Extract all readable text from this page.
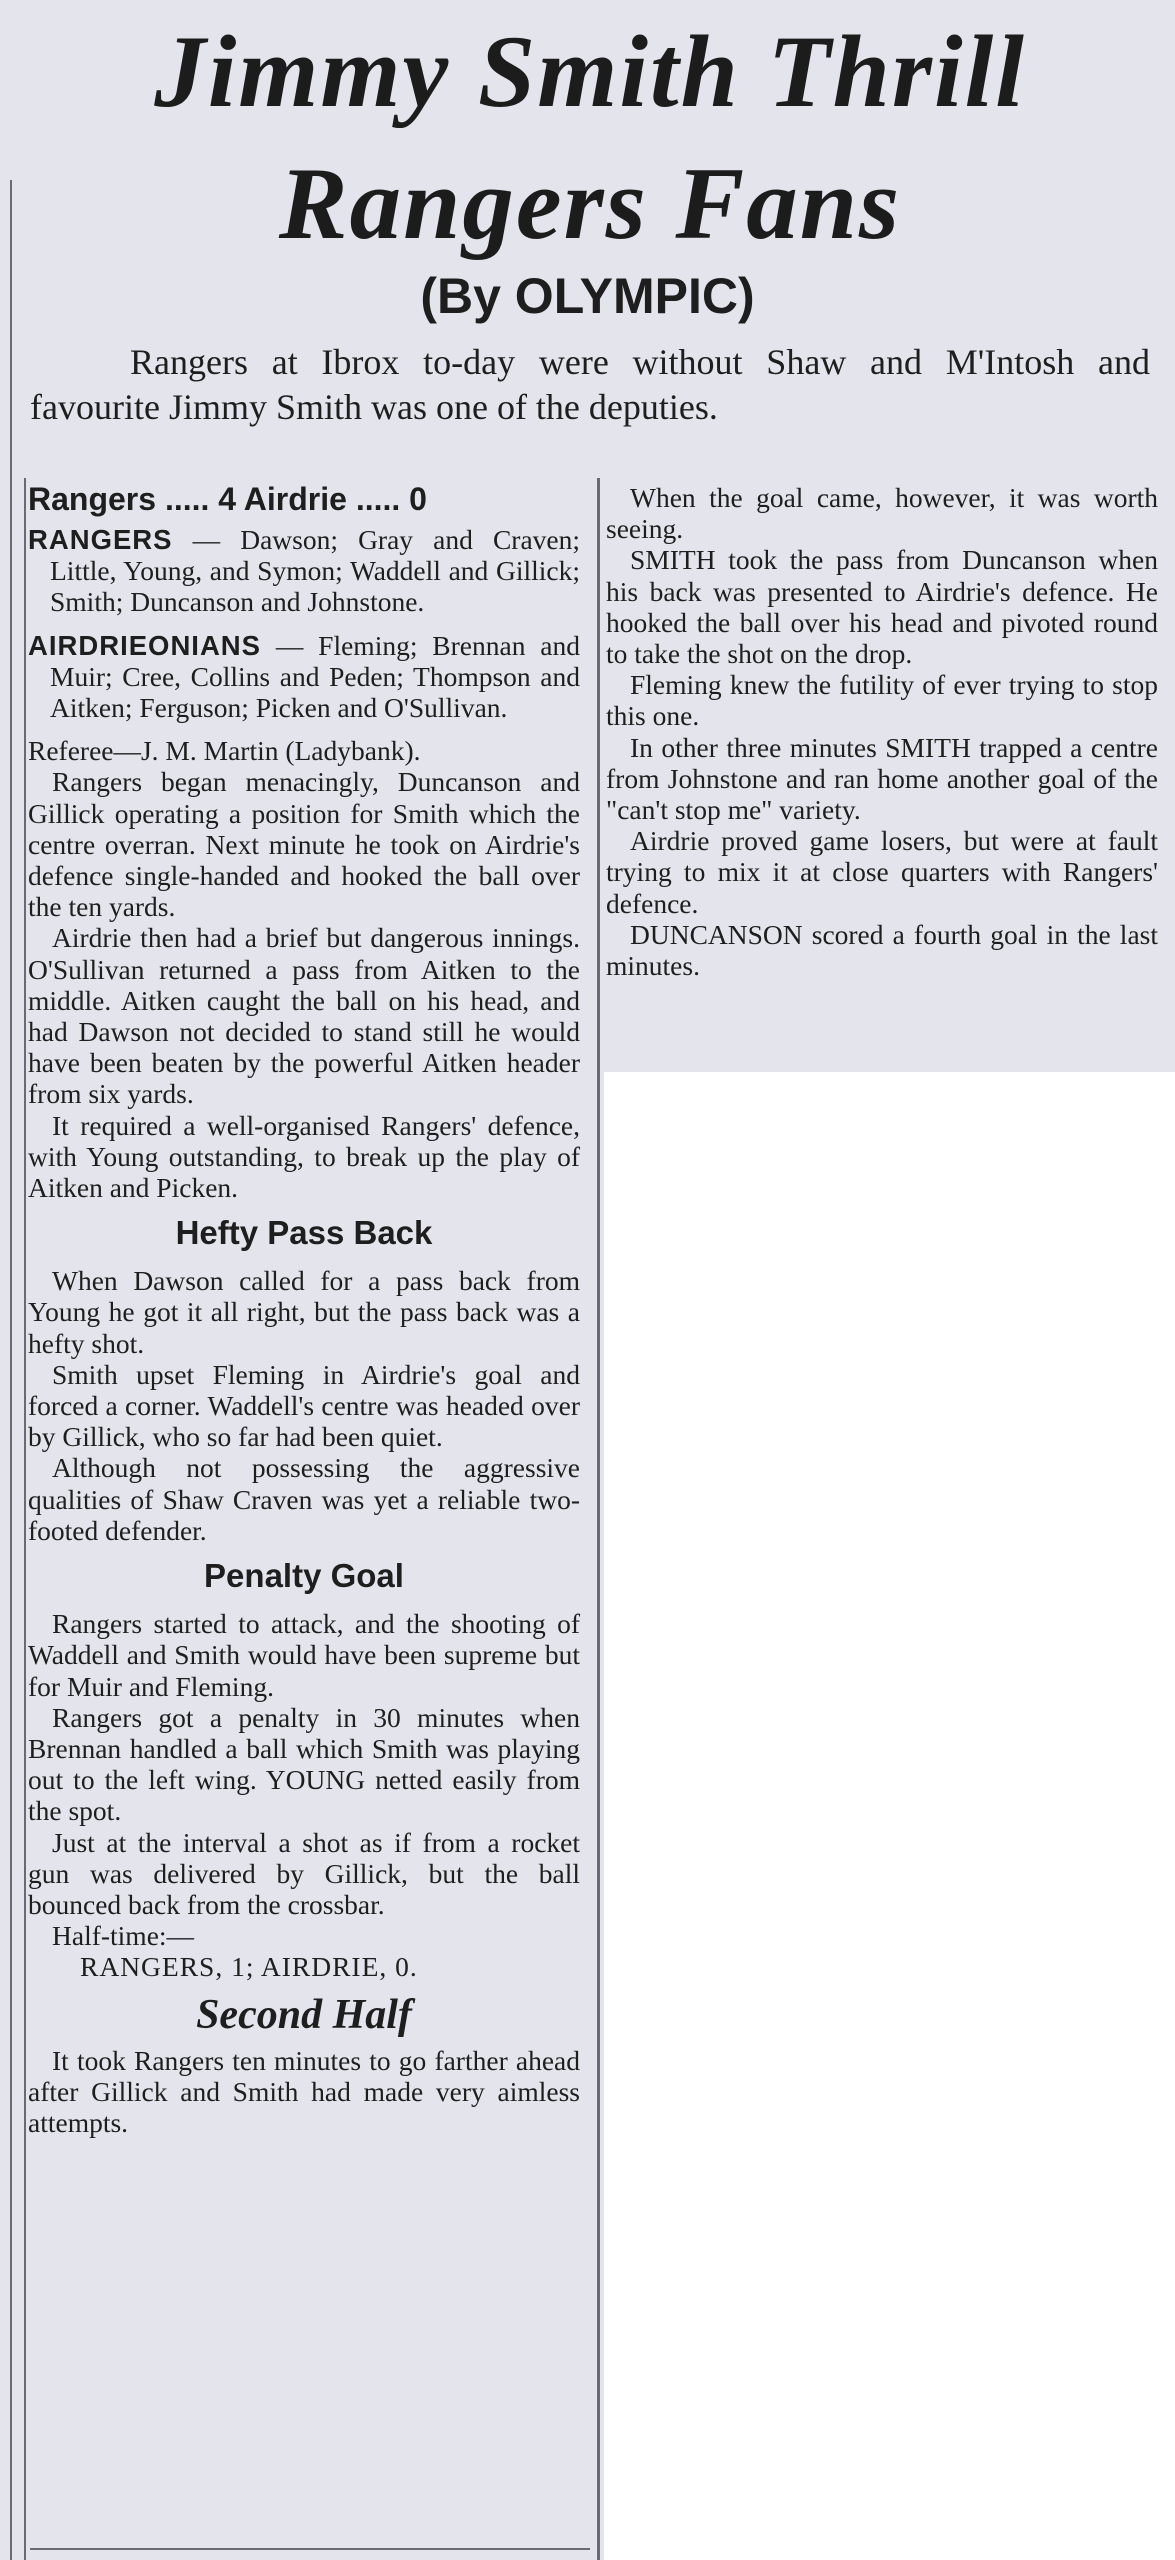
Jimmy Smith Thrill
Rangers Fans

(By OLYMPIC)

Rangers at Ibrox to-day were without Shaw and M'Intosh and favourite Jimmy Smith was one of the deputies.

Rangers ..... 4 Airdrie ..... 0

RANGERS — Dawson; Gray and Craven; Little, Young, and Symon; Waddell and Gillick; Smith; Duncanson and Johnstone.

AIRDRIEONIANS — Fleming; Brennan and Muir; Cree, Collins and Peden; Thompson and Aitken; Ferguson; Picken and O'Sullivan.

Referee—J. M. Martin (Ladybank).

Rangers began menacingly, Duncanson and Gillick operating a position for Smith which the centre overran. Next minute he took on Airdrie's defence single-handed and hooked the ball over the ten yards.

Airdrie then had a brief but dangerous innings. O'Sullivan returned a pass from Aitken to the middle. Aitken caught the ball on his head, and had Dawson not decided to stand still he would have been beaten by the powerful Aitken header from six yards.

It required a well-organised Rangers' defence, with Young outstanding, to break up the play of Aitken and Picken.

Hefty Pass Back

When Dawson called for a pass back from Young he got it all right, but the pass back was a hefty shot.

Smith upset Fleming in Airdrie's goal and forced a corner. Waddell's centre was headed over by Gillick, who so far had been quiet.

Although not possessing the aggressive qualities of Shaw Craven was yet a reliable two-footed defender.

Penalty Goal

Rangers started to attack, and the shooting of Waddell and Smith would have been supreme but for Muir and Fleming.

Rangers got a penalty in 30 minutes when Brennan handled a ball which Smith was playing out to the left wing. YOUNG netted easily from the spot.

Just at the interval a shot as if from a rocket gun was delivered by Gillick, but the ball bounced back from the crossbar.

Half-time:—

RANGERS, 1; AIRDRIE, 0.

Second Half

It took Rangers ten minutes to go farther ahead after Gillick and Smith had made very aimless attempts.

When the goal came, however, it was worth seeing.

SMITH took the pass from Duncanson when his back was presented to Airdrie's defence. He hooked the ball over his head and pivoted round to take the shot on the drop.

Fleming knew the futility of ever trying to stop this one.

In other three minutes SMITH trapped a centre from Johnstone and ran home another goal of the "can't stop me" variety.

Airdrie proved game losers, but were at fault trying to mix it at close quarters with Rangers' defence.

DUNCANSON scored a fourth goal in the last minutes.
